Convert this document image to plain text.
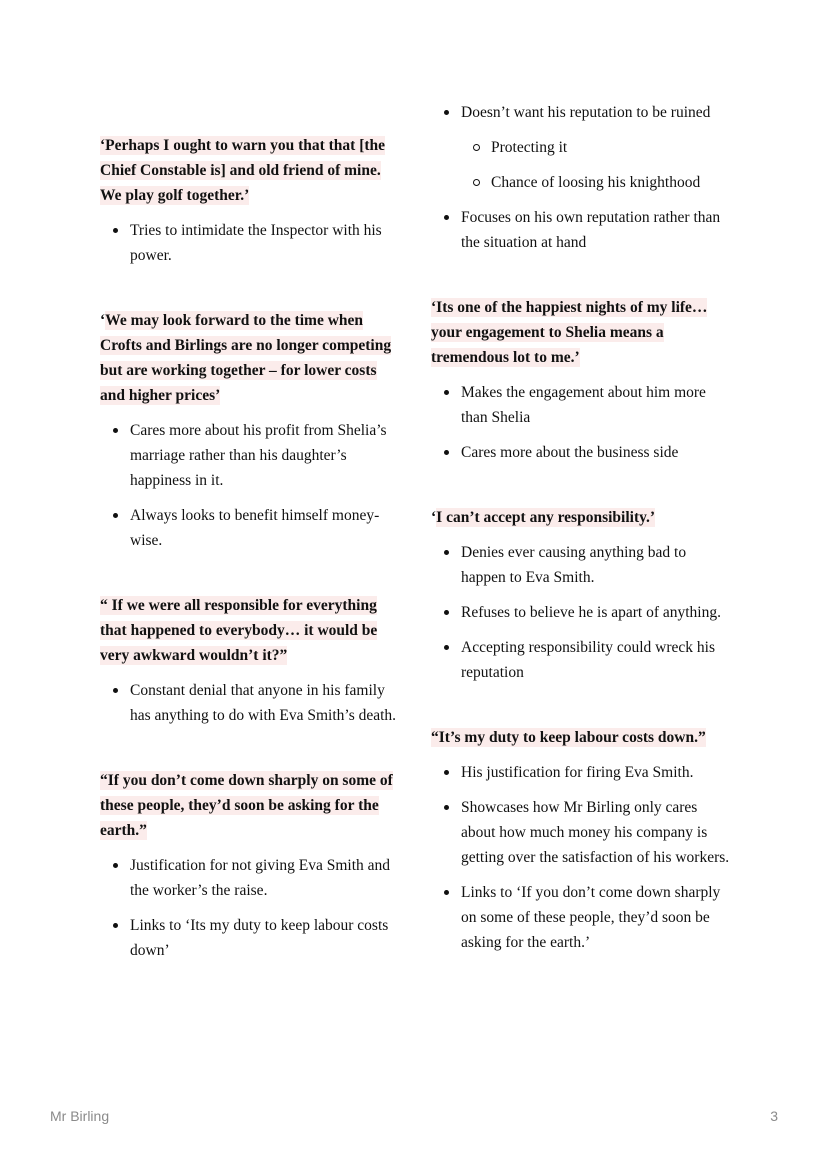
‘Perhaps I ought to warn you that that [the Chief Constable is] and old friend of mine. We play golf together.’

Tries to intimidate the Inspector with his power.

‘We may look forward to the time when Crofts and Birlings are no longer competing but are working together – for lower costs and higher prices’

Cares more about his profit from Shelia’s marriage rather than his daughter’s happiness in it.
Always looks to benefit himself money-wise.

“ If we were all responsible for everything that happened to everybody… it would be very awkward wouldn’t it?”

Constant denial that anyone in his family has anything to do with Eva Smith’s death.

“If you don’t come down sharply on some of these people, they’d soon be asking for the earth.”

Justification for not giving Eva Smith and the worker’s the raise.
Links to ‘Its my duty to keep labour costs down’
Doesn’t want his reputation to be ruined
Protecting it
Chance of loosing his knighthood
Focuses on his own reputation rather than the situation at hand

‘Its one of the happiest nights of my life… your engagement to Shelia means a tremendous lot to me.’

Makes the engagement about him more than Shelia
Cares more about the business side

‘I can’t accept any responsibility.’

Denies ever causing anything bad to happen to Eva Smith.
Refuses to believe he is apart of anything.
Accepting responsibility could wreck his reputation

“It’s my duty to keep labour costs down.”

His justification for firing Eva Smith.
Showcases how Mr Birling only cares about how much money his company is getting over the satisfaction of his workers.
Links to ‘If you don’t come down sharply on some of these people, they’d soon be asking for the earth.’
Mr Birling	3
